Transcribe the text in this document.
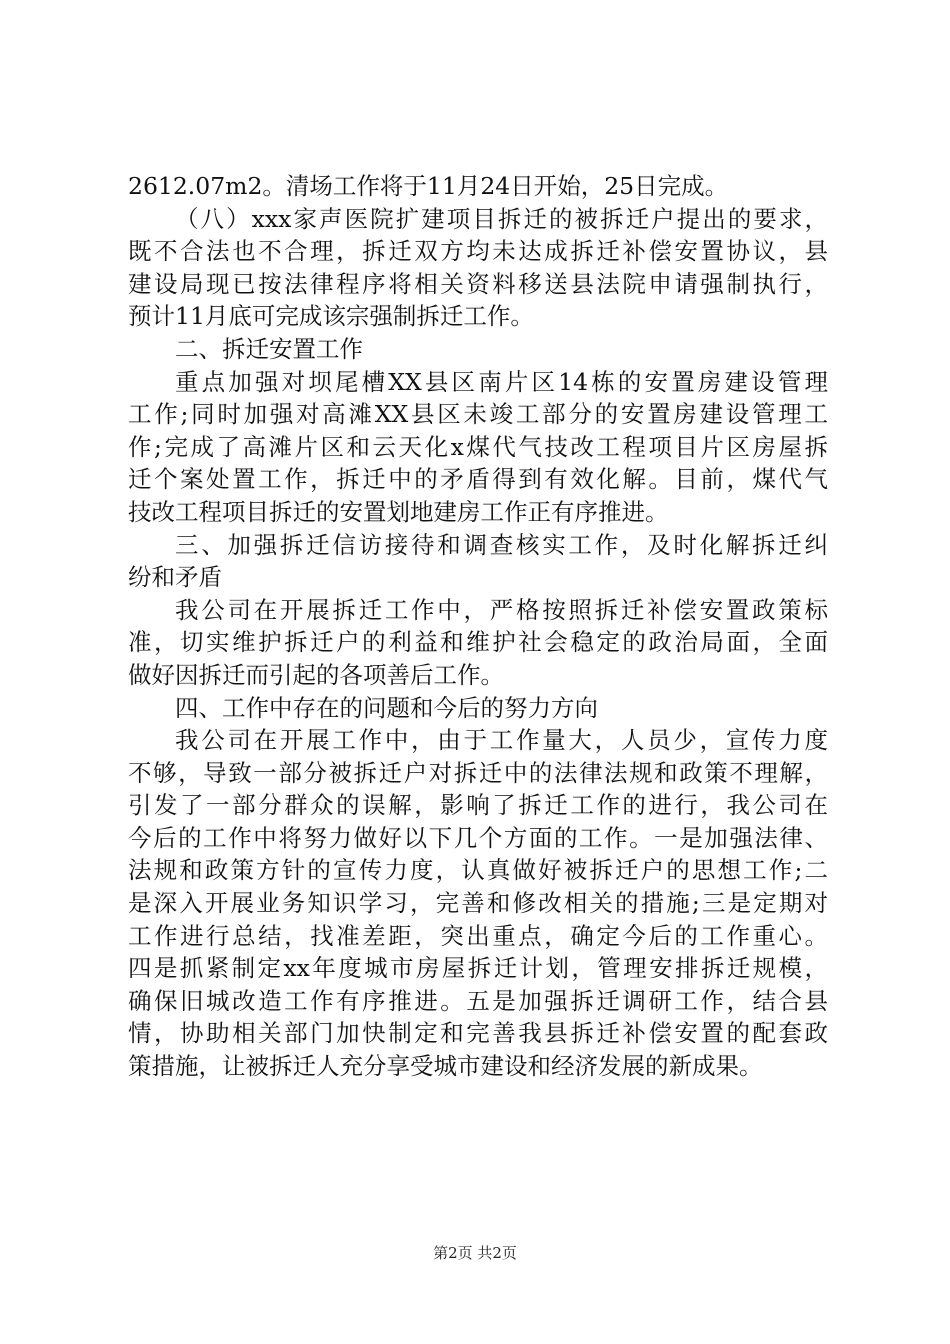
2612.07m2。清场工作将于11月24日开始，25日完成。
（八）xxx家声医院扩建项目拆迁的被拆迁户提出的要求，
既不合法也不合理，拆迁双方均未达成拆迁补偿安置协议，县
建设局现已按法律程序将相关资料移送县法院申请强制执行，
预计11月底可完成该宗强制拆迁工作。
二、拆迁安置工作
重点加强对坝尾槽XX县区南片区14栋的安置房建设管理
工作;同时加强对高滩XX县区未竣工部分的安置房建设管理工
作;完成了高滩片区和云天化x煤代气技改工程项目片区房屋拆
迁个案处置工作，拆迁中的矛盾得到有效化解。目前，煤代气
技改工程项目拆迁的安置划地建房工作正有序推进。
三、加强拆迁信访接待和调查核实工作，及时化解拆迁纠
纷和矛盾
我公司在开展拆迁工作中，严格按照拆迁补偿安置政策标
准，切实维护拆迁户的利益和维护社会稳定的政治局面，全面
做好因拆迁而引起的各项善后工作。
四、工作中存在的问题和今后的努力方向
我公司在开展工作中，由于工作量大，人员少，宣传力度
不够，导致一部分被拆迁户对拆迁中的法律法规和政策不理解，
引发了一部分群众的误解，影响了拆迁工作的进行，我公司在
今后的工作中将努力做好以下几个方面的工作。一是加强法律、
法规和政策方针的宣传力度，认真做好被拆迁户的思想工作;二
是深入开展业务知识学习，完善和修改相关的措施;三是定期对
工作进行总结，找准差距，突出重点，确定今后的工作重心。
四是抓紧制定xx年度城市房屋拆迁计划，管理安排拆迁规模，
确保旧城改造工作有序推进。五是加强拆迁调研工作，结合县
情，协助相关部门加快制定和完善我县拆迁补偿安置的配套政
策措施，让被拆迁人充分享受城市建设和经济发展的新成果。
第2页 共2页
